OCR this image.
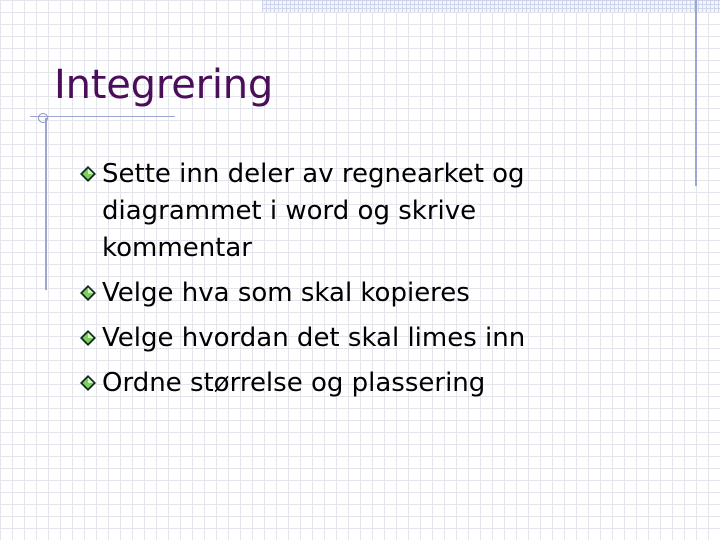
Integrering
Sette inn deler av regnearket og diagrammet i word og skrive kommentar
Velge hva som skal kopieres
Velge hvordan det skal limes inn
Ordne størrelse og plassering
